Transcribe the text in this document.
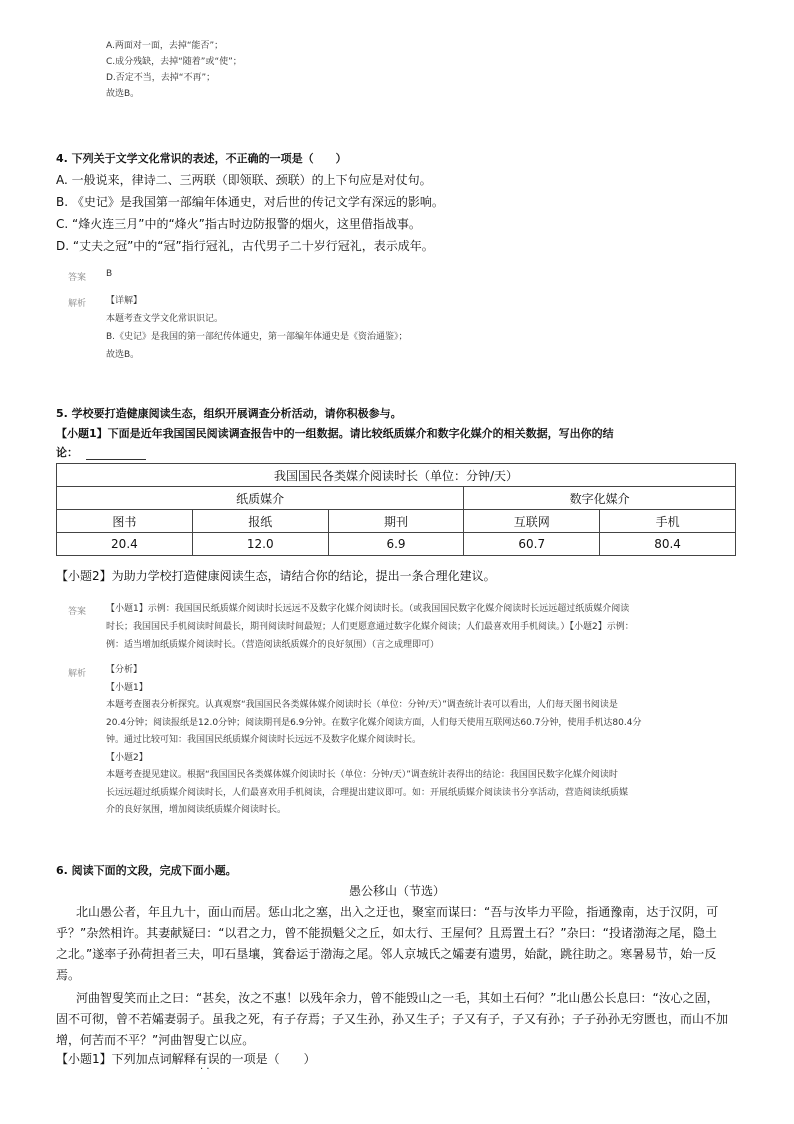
A.两面对一面，去掉“能否”；
C.成分残缺，去掉“随着”或“使”；
D.否定不当，去掉“不再”；
故选B。
4. 下列关于文学文化常识的表述，不正确的一项是（　　）
A. 一般说来，律诗二、三两联（即领联、颈联）的上下句应是对仗句。
B. 《史记》是我国第一部编年体通史，对后世的传记文学有深远的影响。
C. “烽火连三月”中的“烽火”指古时边防报警的烟火，这里借指战事。
D. “丈夫之冠”中的“冠”指行冠礼，古代男子二十岁行冠礼，表示成年。
答案 B
解析 【详解】
本题考查文学文化常识识记。
B.《史记》是我国的第一部纪传体通史，第一部编年体通史是《资治通鉴》；
故选B。
5. 学校要打造健康阅读生态，组织开展调查分析活动，请你积极参与。
【小题1】下面是近年我国国民阅读调查报告中的一组数据。请比较纸质媒介和数字化媒介的相关数据，写出你的结
论：
我国国民各类媒介阅读时长（单位：分钟/天）				
纸质媒介			数字化媒介	
图书	报纸	期刊	互联网	手机
20.4	12.0	6.9	60.7	80.4
【小题2】为助力学校打造健康阅读生态，请结合你的结论，提出一条合理化建议。
答案 【小题1】示例：我国国民纸质媒介阅读时长远远不及数字化媒介阅读时长。（或我国国民数字化媒介阅读时长远远超过纸质媒介阅读
时长；我国国民手机阅读时间最长，期刊阅读时间最短；人们更愿意通过数字化媒介阅读；人们最喜欢用手机阅读。）【小题2】示例：
例：适当增加纸质媒介阅读时长。（营造阅读纸质媒介的良好氛围）（言之成理即可）
解析 【分析】
【小题1】
本题考查图表分析探究。认真观察“我国国民各类媒体媒介阅读时长（单位：分钟/天）”调查统计表可以看出，人们每天图书阅读是
20.4分钟；阅读报纸是12.0分钟；阅读期刊是6.9分钟。在数字化媒介阅读方面，人们每天使用互联网达60.7分钟，使用手机达80.4分
钟。通过比较可知：我国国民纸质媒介阅读时长远远不及数字化媒介阅读时长。
【小题2】
本题考查提见建议。根据“我国国民各类媒体媒介阅读时长（单位：分钟/天）”调查统计表得出的结论：我国国民数字化媒介阅读时
长远远超过纸质媒介阅读时长，人们最喜欢用手机阅读，合理提出建议即可。如：开展纸质媒介阅读读书分享活动，营造阅读纸质媒
介的良好氛围，增加阅读纸质媒介阅读时长。
6. 阅读下面的文段，完成下面小题。
愚公移山（节选）
北山愚公者，年且九十，面山而居。惩山北之塞，出入之迂也，聚室而谋曰：“吾与汝毕力平险，指通豫南，达于汉阴，可
乎？”杂然相许。其妻献疑曰：“以君之力，曾不能损魁父之丘，如太行、王屋何？且焉置土石？”杂曰：“投诸渤海之尾，隐土
之北。”遂率子孙荷担者三夫，叩石垦壤，箕畚运于渤海之尾。邻人京城氏之孀妻有遗男，始龀，跳往助之。寒暑易节，始一反
焉。
河曲智叟笑而止之曰：“甚矣，汝之不惠！以残年余力，曾不能毁山之一毛，其如土石何？”北山愚公长息曰：“汝心之固，
固不可彻，曾不若孀妻弱子。虽我之死，有子存焉；子又生孙，孙又生子；子又有子，子又有孙；子子孙孙无穷匮也，而山不加
增，何苦而不平？”河曲智叟亡以应。
【小题1】下列加点词解释有误的一项是（　　）
· ·
